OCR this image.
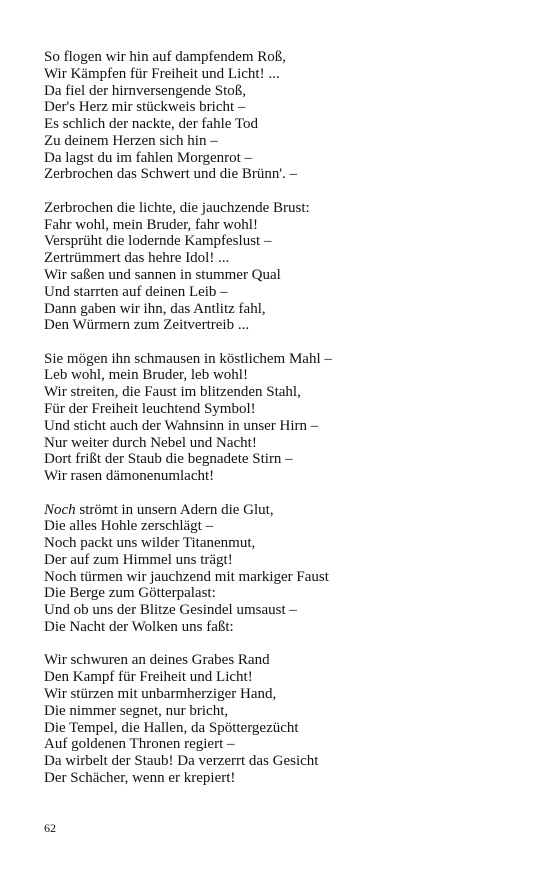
So flogen wir hin auf dampfendem Roß,
Wir Kämpfen für Freiheit und Licht! ...
Da fiel der hirnversengende Stoß,
Der's Herz mir stückweis bricht –
Es schlich der nackte, der fahle Tod
Zu deinem Herzen sich hin –
Da lagst du im fahlen Morgenrot –
Zerbrochen das Schwert und die Brünn'. –
Zerbrochen die lichte, die jauchzende Brust:
Fahr wohl, mein Bruder, fahr wohl!
Versprüht die lodernde Kampfeslust –
Zertrümmert das hehre Idol! ...
Wir saßen und sannen in stummer Qual
Und starrten auf deinen Leib –
Dann gaben wir ihn, das Antlitz fahl,
Den Würmern zum Zeitvertreib ...
Sie mögen ihn schmausen in köstlichem Mahl –
Leb wohl, mein Bruder, leb wohl!
Wir streiten, die Faust im blitzenden Stahl,
Für der Freiheit leuchtend Symbol!
Und sticht auch der Wahnsinn in unser Hirn –
Nur weiter durch Nebel und Nacht!
Dort frißt der Staub die begnadete Stirn –
Wir rasen dämonenumlacht!
Noch strömt in unsern Adern die Glut,
Die alles Hohle zerschlägt –
Noch packt uns wilder Titanenmut,
Der auf zum Himmel uns trägt!
Noch türmen wir jauchzend mit markiger Faust
Die Berge zum Götterpalast:
Und ob uns der Blitze Gesindel umsaust –
Die Nacht der Wolken uns faßt:
Wir schwuren an deines Grabes Rand
Den Kampf für Freiheit und Licht!
Wir stürzen mit unbarmherziger Hand,
Die nimmer segnet, nur bricht,
Die Tempel, die Hallen, da Spöttergezücht
Auf goldenen Thronen regiert –
Da wirbelt der Staub! Da verzerrt das Gesicht
Der Schächer, wenn er krepiert!
62
